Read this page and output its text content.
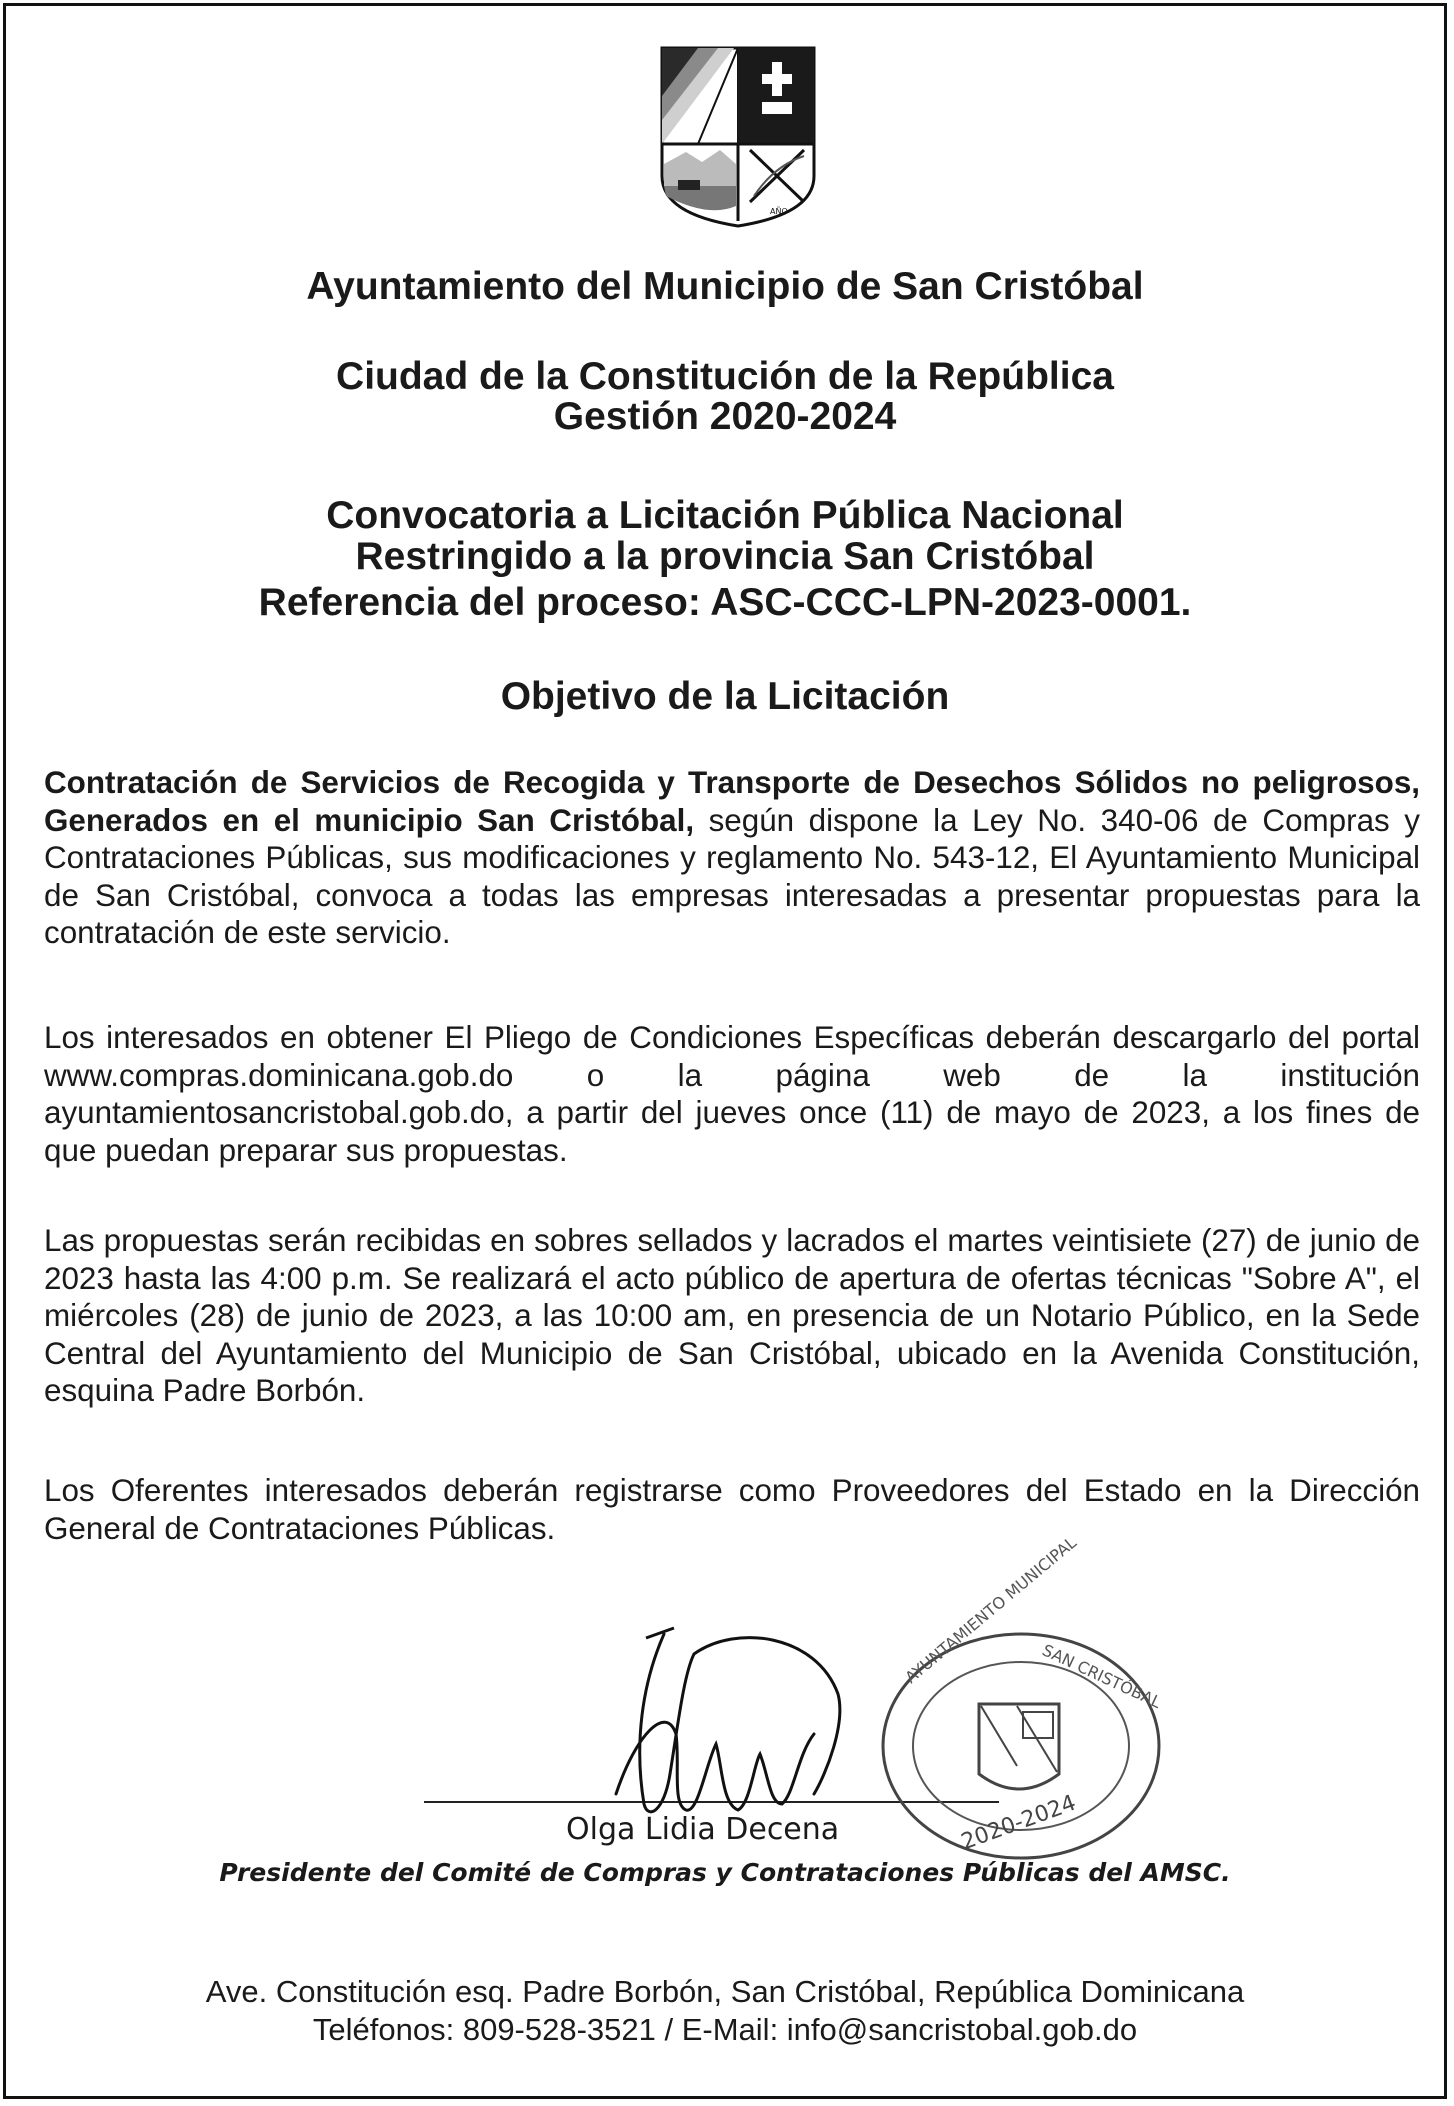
AÑO
Ayuntamiento del Municipio de San Cristóbal
Ciudad de la Constitución de la República
Gestión 2020-2024
Convocatoria a Licitación Pública Nacional
Restringido a la provincia San Cristóbal
Referencia del proceso: ASC-CCC-LPN-2023-0001.
Objetivo de la Licitación
Contratación de Servicios de Recogida y Transporte de Desechos Sólidos no peligrosos, Generados en el municipio San Cristóbal, según dispone la Ley No. 340-06 de Compras y Contrataciones Públicas, sus modificaciones y reglamento No. 543-12, El Ayuntamiento Municipal de San Cristóbal, convoca a todas las empresas interesadas a presentar propuestas para la contratación de este servicio.
Los interesados en obtener El Pliego de Condiciones Específicas deberán descargarlo del portal www.compras.dominicana.gob.do o la página web de la institución ayuntamientosancristobal.gob.do, a partir del jueves once (11) de mayo de 2023, a los fines de que puedan preparar sus propuestas.
Las propuestas serán recibidas en sobres sellados y lacrados el martes veintisiete (27) de junio de 2023 hasta las 4:00 p.m. Se realizará el acto público de apertura de ofertas técnicas "Sobre A", el miércoles (28) de junio de 2023, a las 10:00 am, en presencia de un Notario Público, en la Sede Central del Ayuntamiento del Municipio de San Cristóbal, ubicado en la Avenida Constitución, esquina Padre Borbón.
Los Oferentes interesados deberán registrarse como Proveedores del Estado en la Dirección General de Contrataciones Públicas.
2020-2024
AYUNTAMIENTO MUNICIPAL
SAN CRISTÓBAL
Olga Lidia Decena
Presidente del Comité de Compras y Contrataciones Públicas del AMSC.
Ave. Constitución esq. Padre Borbón, San Cristóbal, República Dominicana
Teléfonos: 809-528-3521 / E-Mail: info@sancristobal.gob.do
